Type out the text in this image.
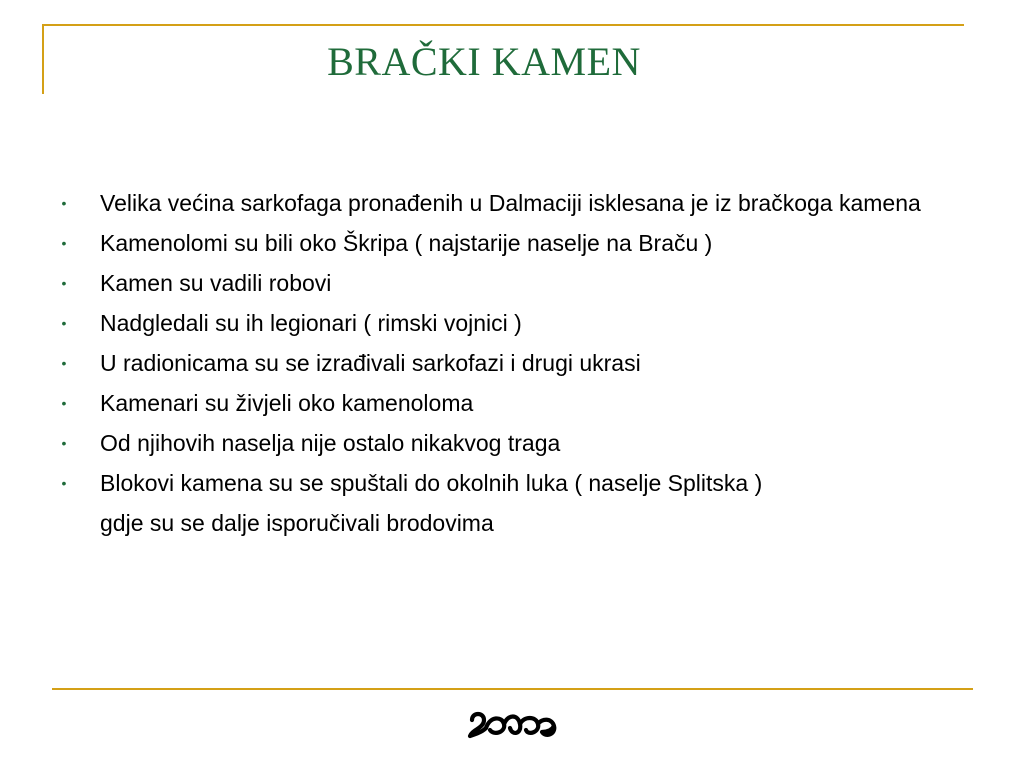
BRAČKI KAMEN
• Velika većina sarkofaga pronađenih u Dalmaciji isklesana je iz bračkoga kamena
• Kamenolomi su bili oko Škripa ( najstarije naselje na Braču )
• Kamen su vadili robovi
• Nadgledali su ih legionari ( rimski vojnici )
• U radionicama su se izrađivali sarkofazi i drugi ukrasi
• Kamenari su živjeli oko kamenoloma
• Od njihovih naselja nije ostalo nikakvog traga
• Blokovi kamena su se spuštali do okolnih luka ( naselje Splitska )
gdje su se dalje isporučivali brodovima
